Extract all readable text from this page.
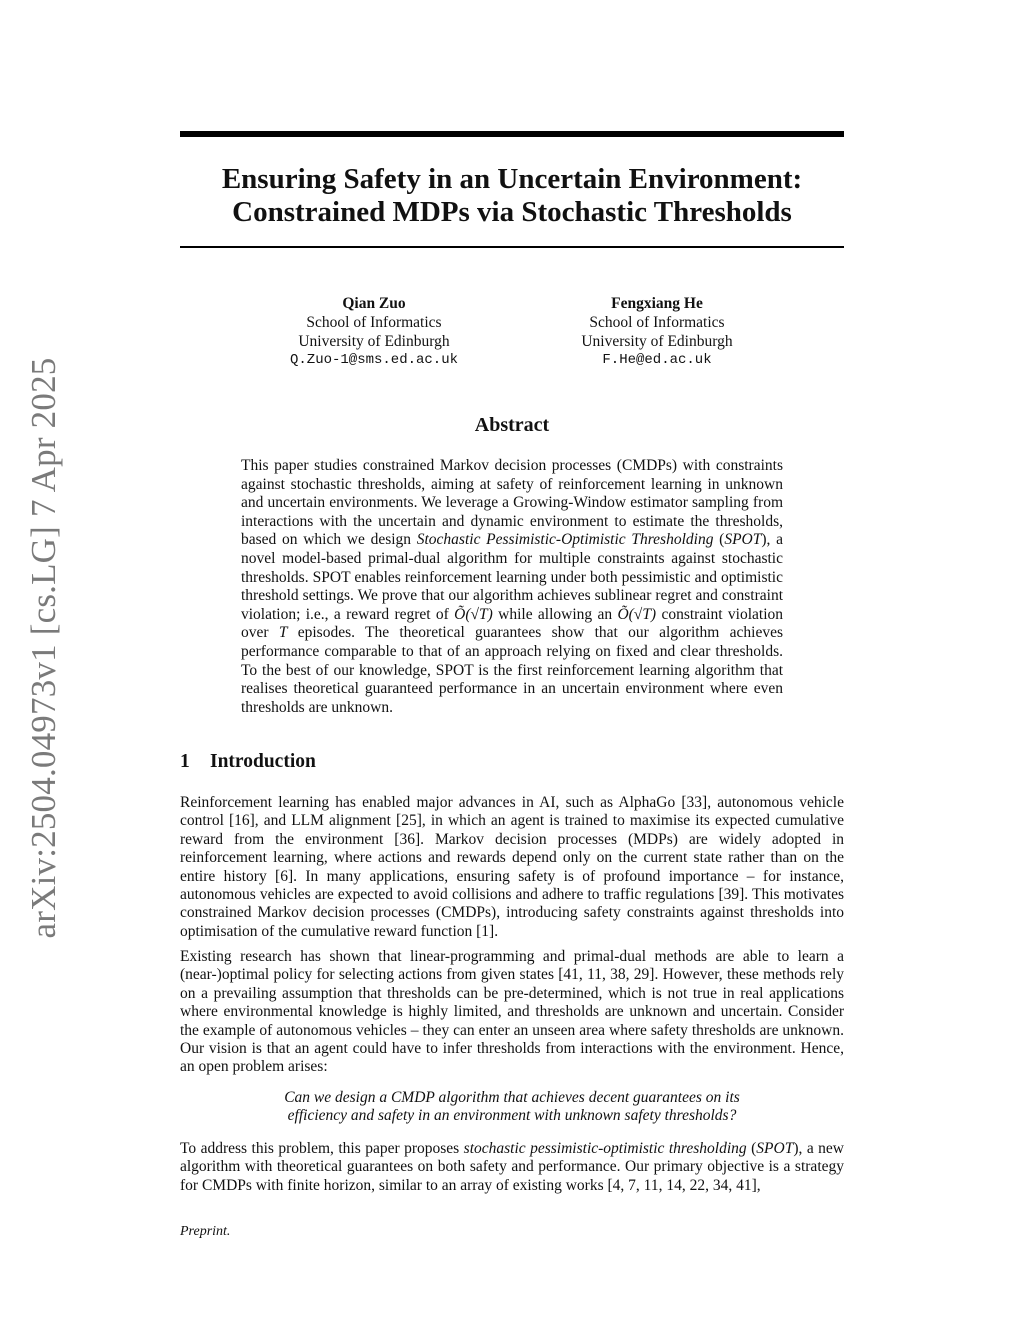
arXiv:2504.04973v1 [cs.LG] 7 Apr 2025
Ensuring Safety in an Uncertain Environment:
Constrained MDPs via Stochastic Thresholds
Qian Zuo
School of Informatics
University of Edinburgh
Q.Zuo-1@sms.ed.ac.uk
Fengxiang He
School of Informatics
University of Edinburgh
F.He@ed.ac.uk
Abstract
This paper studies constrained Markov decision processes (CMDPs) with constraints against stochastic thresholds, aiming at safety of reinforcement learning in unknown and uncertain environments. We leverage a Growing-Window estimator sampling from interactions with the uncertain and dynamic environment to estimate the thresholds, based on which we design Stochastic Pessimistic-Optimistic Thresholding (SPOT), a novel model-based primal-dual algorithm for multiple constraints against stochastic thresholds. SPOT enables reinforcement learning under both pessimistic and optimistic threshold settings. We prove that our algorithm achieves sublinear regret and constraint violation; i.e., a reward regret of Õ(√T) while allowing an Õ(√T) constraint violation over T episodes. The theoretical guarantees show that our algorithm achieves performance comparable to that of an approach relying on fixed and clear thresholds. To the best of our knowledge, SPOT is the first reinforcement learning algorithm that realises theoretical guaranteed performance in an uncertain environment where even thresholds are unknown.
1 Introduction
Reinforcement learning has enabled major advances in AI, such as AlphaGo [33], autonomous vehicle control [16], and LLM alignment [25], in which an agent is trained to maximise its expected cumulative reward from the environment [36]. Markov decision processes (MDPs) are widely adopted in reinforcement learning, where actions and rewards depend only on the current state rather than on the entire history [6]. In many applications, ensuring safety is of profound importance – for instance, autonomous vehicles are expected to avoid collisions and adhere to traffic regulations [39]. This motivates constrained Markov decision processes (CMDPs), introducing safety constraints against thresholds into optimisation of the cumulative reward function [1].
Existing research has shown that linear-programming and primal-dual methods are able to learn a (near-)optimal policy for selecting actions from given states [41, 11, 38, 29]. However, these methods rely on a prevailing assumption that thresholds can be pre-determined, which is not true in real applications where environmental knowledge is highly limited, and thresholds are unknown and uncertain. Consider the example of autonomous vehicles – they can enter an unseen area where safety thresholds are unknown. Our vision is that an agent could have to infer thresholds from interactions with the environment. Hence, an open problem arises:
Can we design a CMDP algorithm that achieves decent guarantees on its
efficiency and safety in an environment with unknown safety thresholds?
To address this problem, this paper proposes stochastic pessimistic-optimistic thresholding (SPOT), a new algorithm with theoretical guarantees on both safety and performance. Our primary objective is a strategy for CMDPs with finite horizon, similar to an array of existing works [4, 7, 11, 14, 22, 34, 41],
Preprint.
